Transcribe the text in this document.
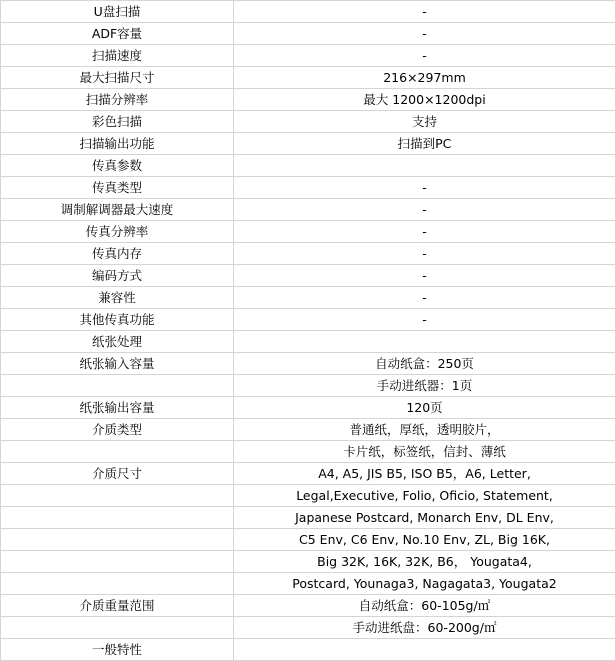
U盘扫描	-
ADF容量	-
扫描速度	-
最大扫描尺寸	216×297mm
扫描分辨率	最大 1200×1200dpi
彩色扫描	支持
扫描输出功能	扫描到PC
传真参数	
传真类型	-
调制解调器最大速度	-
传真分辨率	-
传真内存	-
编码方式	-
兼容性	-
其他传真功能	-
纸张处理	
纸张输入容量	自动纸盒：250页
	手动进纸器：1页
纸张输出容量	120页
介质类型	普通纸，厚纸，透明胶片，
	卡片纸，标签纸，信封、薄纸
介质尺寸	A4, A5, JIS B5, ISO B5，A6, Letter,
	Legal,Executive, Folio, Oficio, Statement,
	Japanese Postcard, Monarch Env, DL Env,
	C5 Env, C6 Env, No.10 Env, ZL, Big 16K,
	Big 32K, 16K, 32K, B6， Yougata4,
	Postcard, Younaga3, Nagagata3, Yougata2
介质重量范围	自动纸盒：60-105g/㎡
	手动进纸盘：60-200g/㎡
一般特性	
